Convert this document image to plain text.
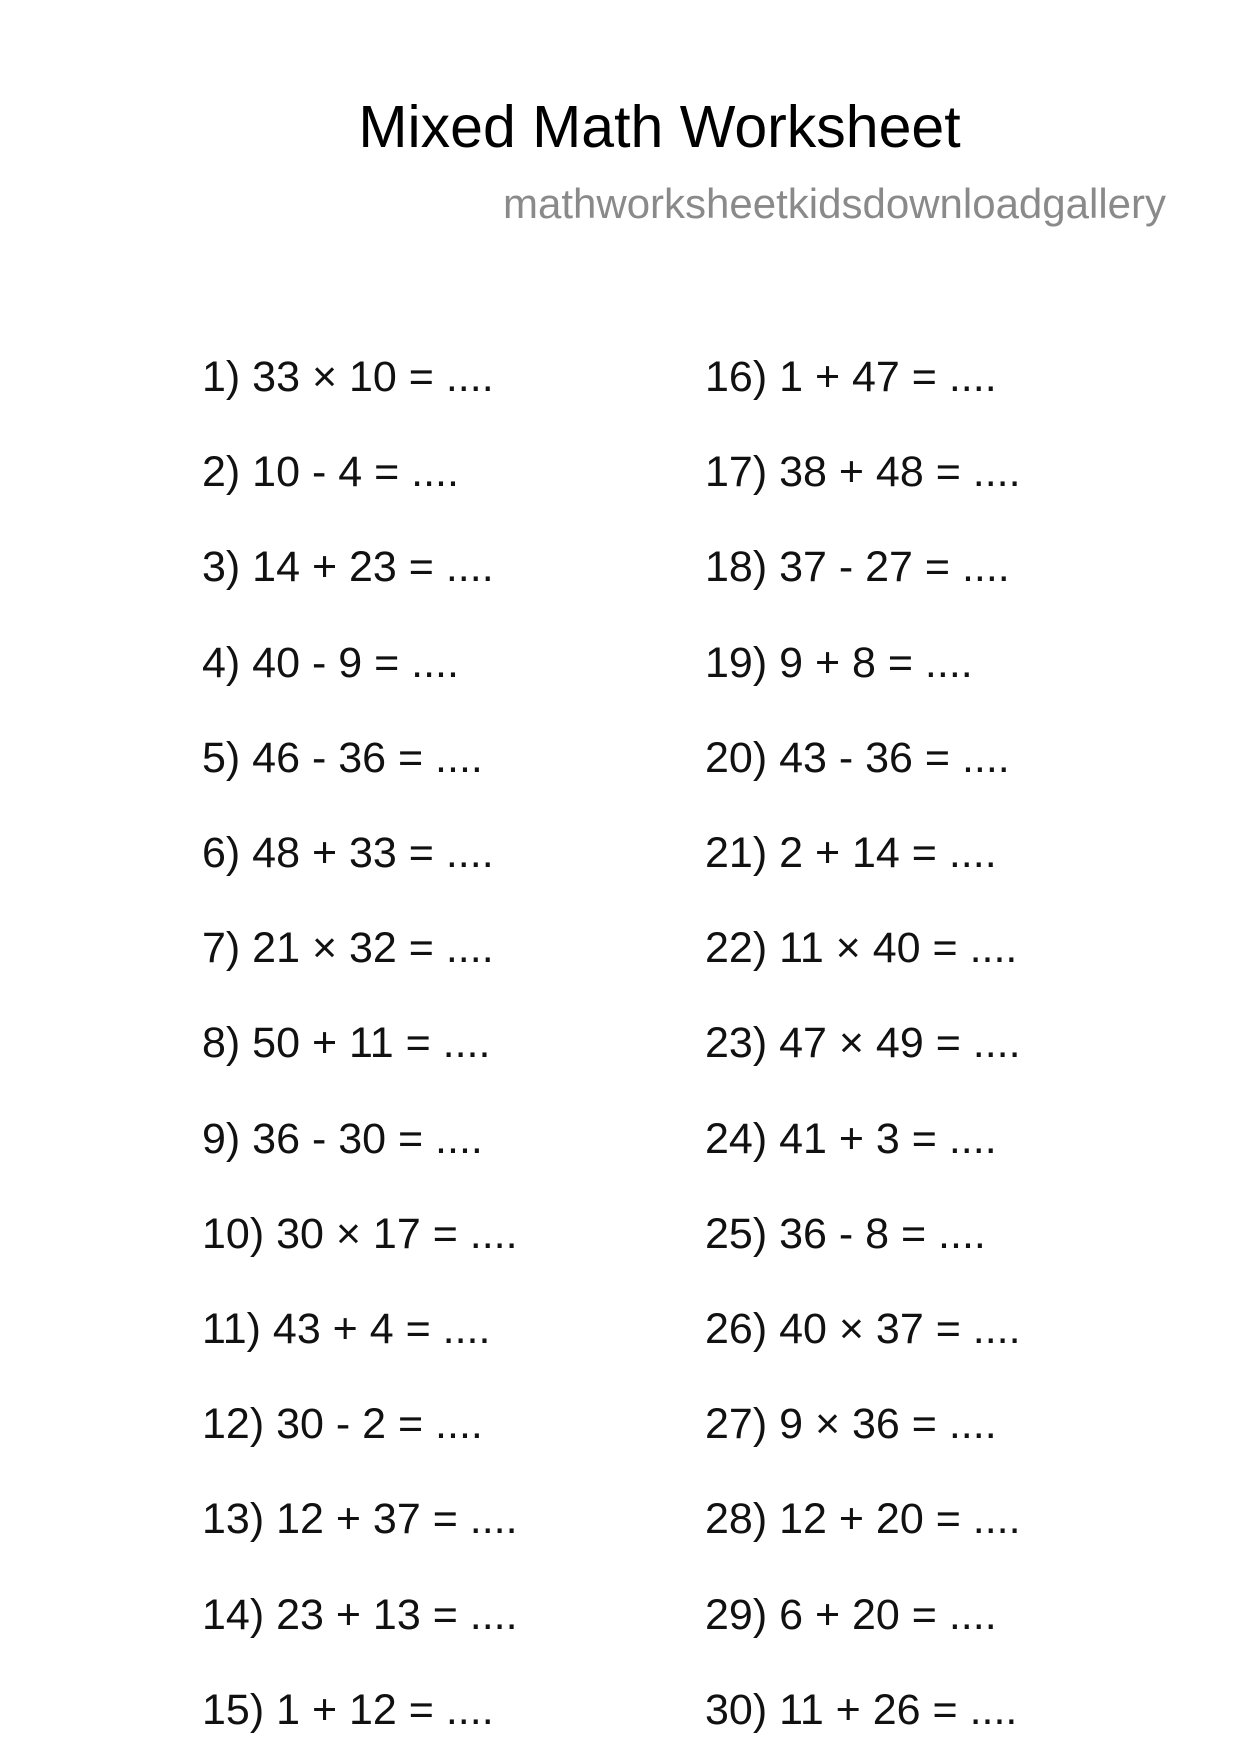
Mixed Math Worksheet
mathworksheetkidsdownloadgallery
1) 33 × 10 = ....
2) 10 - 4 = ....
3) 14 + 23 = ....
4) 40 - 9 = ....
5) 46 - 36 = ....
6) 48 + 33 = ....
7) 21 × 32 = ....
8) 50 + 11 = ....
9) 36 - 30 = ....
10) 30 × 17 = ....
11) 43 + 4 = ....
12) 30 - 2 = ....
13) 12 + 37 = ....
14) 23 + 13 = ....
15) 1 + 12 = ....
16) 1 + 47 = ....
17) 38 + 48 = ....
18) 37 - 27 = ....
19) 9 + 8 = ....
20) 43 - 36 = ....
21) 2 + 14 = ....
22) 11 × 40 = ....
23) 47 × 49 = ....
24) 41 + 3 = ....
25) 36 - 8 = ....
26) 40 × 37 = ....
27) 9 × 36 = ....
28) 12 + 20 = ....
29) 6 + 20 = ....
30) 11 + 26 = ....
